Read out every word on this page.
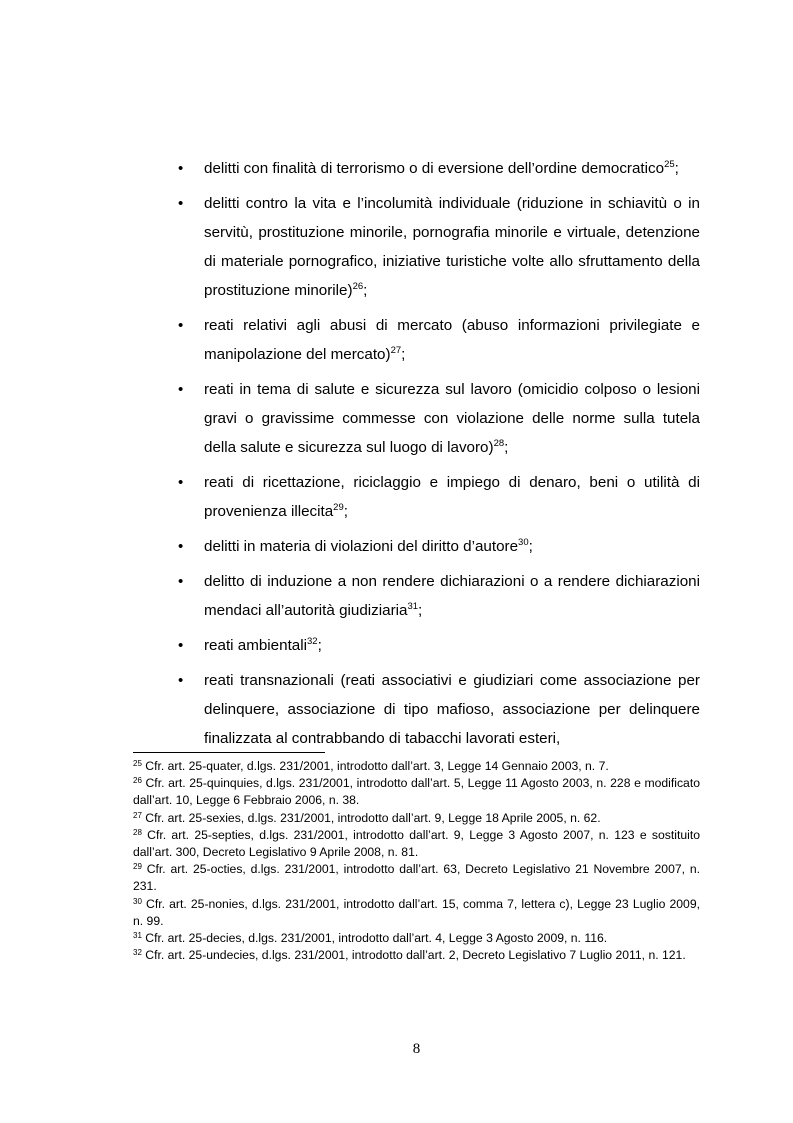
• delitti con finalità di terrorismo o di eversione dell’ordine democratico$^{25}$;
• delitti contro la vita e l’incolumità individuale (riduzione in schiavitù o in servitù, prostituzione minorile, pornografia minorile e virtuale, detenzione di materiale pornografico, iniziative turistiche volte allo sfruttamento della prostituzione minorile)$^{26}$;
• reati relativi agli abusi di mercato (abuso informazioni privilegiate e manipolazione del mercato)$^{27}$;
• reati in tema di salute e sicurezza sul lavoro (omicidio colposo o lesioni gravi o gravissime commesse con violazione delle norme sulla tutela della salute e sicurezza sul luogo di lavoro)$^{28}$;
• reati di ricettazione, riciclaggio e impiego di denaro, beni o utilità di provenienza illecita$^{29}$;
• delitti in materia di violazioni del diritto d’autore$^{30}$;
• delitto di induzione a non rendere dichiarazioni o a rendere dichiarazioni mendaci all’autorità giudiziaria$^{31}$;
• reati ambientali$^{32}$;
• reati transnazionali (reati associativi e giudiziari come associazione per delinquere, associazione di tipo mafioso, associazione per delinquere finalizzata al contrabbando di tabacchi lavorati esteri,
$^{25}$ Cfr. art. 25-quater, d.lgs. 231/2001, introdotto dall’art. 3, Legge 14 Gennaio 2003, n. 7.
$^{26}$ Cfr. art. 25-quinquies, d.lgs. 231/2001, introdotto dall’art. 5, Legge 11 Agosto 2003, n. 228 e modificato dall’art. 10, Legge 6 Febbraio 2006, n. 38.
$^{27}$ Cfr. art. 25-sexies, d.lgs. 231/2001, introdotto dall’art. 9, Legge 18 Aprile 2005, n. 62.
$^{28}$ Cfr. art. 25-septies, d.lgs. 231/2001, introdotto dall’art. 9, Legge 3 Agosto 2007, n. 123 e sostituito dall’art. 300, Decreto Legislativo 9 Aprile 2008, n. 81.
$^{29}$ Cfr. art. 25-octies, d.lgs. 231/2001, introdotto dall’art. 63, Decreto Legislativo 21 Novembre 2007, n. 231.
$^{30}$ Cfr. art. 25-nonies, d.lgs. 231/2001, introdotto dall’art. 15, comma 7, lettera c), Legge 23 Luglio 2009, n. 99.
$^{31}$ Cfr. art. 25-decies, d.lgs. 231/2001, introdotto dall’art. 4, Legge 3 Agosto 2009, n. 116.
$^{32}$ Cfr. art. 25-undecies, d.lgs. 231/2001, introdotto dall’art. 2, Decreto Legislativo 7 Luglio 2011, n. 121.
8
